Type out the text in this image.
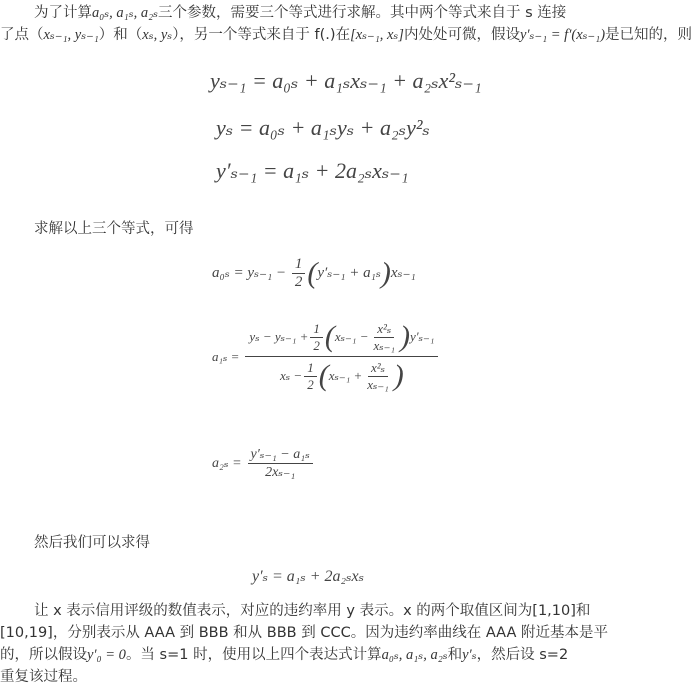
为了计算a₀ₛ, a₁ₛ, a₂ₛ三个参数，需要三个等式进行求解。其中两个等式来自于 s 连接
了点（xₛ₋₁, yₛ₋₁）和（xₛ, yₛ），另一个等式来自于 f(.)在[xₛ₋₁, xₛ]内处处可微，假设y′ₛ₋₁ = f′(xₛ₋₁)是已知的，则
yₛ₋₁ = a₀ₛ + a₁ₛxₛ₋₁ + a₂ₛx²ₛ₋₁
yₛ = a₀ₛ + a₁ₛyₛ + a₂ₛy²ₛ
y′ₛ₋₁ = a₁ₛ + 2a₂ₛxₛ₋₁
求解以上三个等式，可得
$a_{0s} = y_{s-1} - \frac{1}{2} (y'_{s-1} + a_{1s})x_{s-1}$
$a_{1s} = \frac{y_s - y_{s-1} + \frac{1}{2} ( x_{s-1} - \frac{\text{x²ₛ}}{\text{xₛ₋₁}} ) y'_{s-1}}{x_s - \frac{1}{2} ( x_{s-1} + \frac{\text{x²ₛ}}{\text{xₛ₋₁}} )}$
$a_{2s} = \frac{\text{y′ₛ₋₁ − a₁ₛ}}{\text{2xₛ₋₁}}$
然后我们可以求得
y′ₛ = a₁ₛ + 2a₂ₛxₛ
让 x 表示信用评级的数值表示，对应的违约率用 y 表示。x 的两个取值区间为[1,10]和
[10,19]，分别表示从 AAA 到 BBB 和从 BBB 到 CCC。因为违约率曲线在 AAA 附近基本是平
的，所以假设y′₀ = 0。当 s=1 时，使用以上四个表达式计算a₀ₛ, a₁ₛ, a₂ₛ和y′ₛ，然后设 s=2
重复该过程。
